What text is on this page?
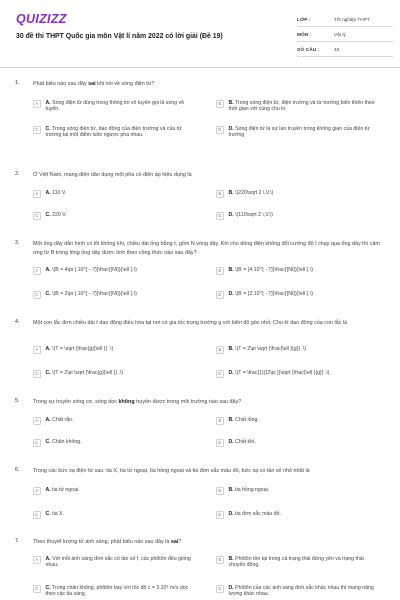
QUIZIZZ
30 đề thi THPT Quốc gia môn Vật lí năm 2022 có lời giải (Đề 19)
LỚP :	Tốt nghiệp THPT
MÔN :	Vật lý
SỐ CÂU :	40
1.	Phát biểu nào sau đây sai khi nói về sóng điện từ?
A	A. Sóng điện từ dùng trong thông tin vô tuyến gọi là sóng vô tuyến.
B	B. Trong sóng điện từ, điện trường và từ trường biến thiên theo thời gian với cùng chu kì.
C	C. Trong sóng điện từ, dao động của điện trường và của từ trường tại một điểm luôn ngược pha nhau.
D	D. Sóng điện từ là sự lan truyền trong không gian của điện từ trường
2.	Ở Việt Nam, mạng điện dân dụng một pha có điện áp hiệu dụng là
A	A. 110 V.	B	B. \(220\sqrt 2 \,V.\)
C	C. 220 V.	D	D. \(110\sqrt 2 \,V.\)
3.	Một ống dây dẫn hình có lõi không khí, chiều dài ống bằng ℓ, gồm N vòng dây. Khi cho dòng điện không đổi cường độ I chạy qua ống dây thì cảm ứng từ B trong lòng ống dây được tính theo công thức nào sau đây?
A	A. \(B = 4\pi {.10^{ - 7}}\frac{{NI}}{\ell }.\)	B	B. \(B = {4.10^{ - 7}}\frac{{NI}}{\ell }.\)
C	C. \(B = 2\pi {.10^{ - 7}}\frac{{NI}}{\ell }.\)	D	D. \(B = {2.10^{ - 7}}\frac{{NI}}{\ell }.\)
4.	Một con lắc đơn chiều dài ℓ dao động điều hòa tại nơi có gia tốc trọng trường g với biên độ góc nhỏ. Chu kì dao động của con lắc là
A	A. \(T = \sqrt {\frac{g}{\ell }} .\)	B	B. \(T = 2\pi \sqrt {\frac{\ell }{g}} .\)
C	C. \(T = 2\pi \sqrt {\frac{g}{\ell }} .\)	D	D. \(T = \frac{1}{{2\pi }}\sqrt {\frac{\ell }{g}} .\)
5.	Trong sự truyền sóng cơ, sóng dọc không truyền được trong môi trường nào sau đây?
A	A. Chất rắn.	B	B. Chất lỏng.
C	C. Chân không.	D	D. Chất khí.
6.	Trong các bức xạ điện từ sau: tia X, tia tử ngoại, tia hồng ngoại và tia đơn sắc màu đỏ, bức xạ có tần số nhỏ nhất là
A	A. tia tử ngoại.	B	B. tia hồng ngoại.
C	C. tia X.	D	D. tia đơn sắc màu đỏ.
7.	Theo thuyết lượng tử ánh sáng, phát biểu nào sau đây là sai?
A	A. Với mỗi ánh sáng đơn sắc có tần số f, các phôtôn đều giống nhau.
B	B. Phôtôn tồn tại trong cả trạng thái đứng yên và trạng thái chuyển động.
C	C. Trong chân không, phôtôn bay với tốc độ c = 3.10⁸ m/s dọc theo các tia sáng.
D	D. Phôtôn của các ánh sáng đơn sắc khác nhau thì mang năng lượng khác nhau.
